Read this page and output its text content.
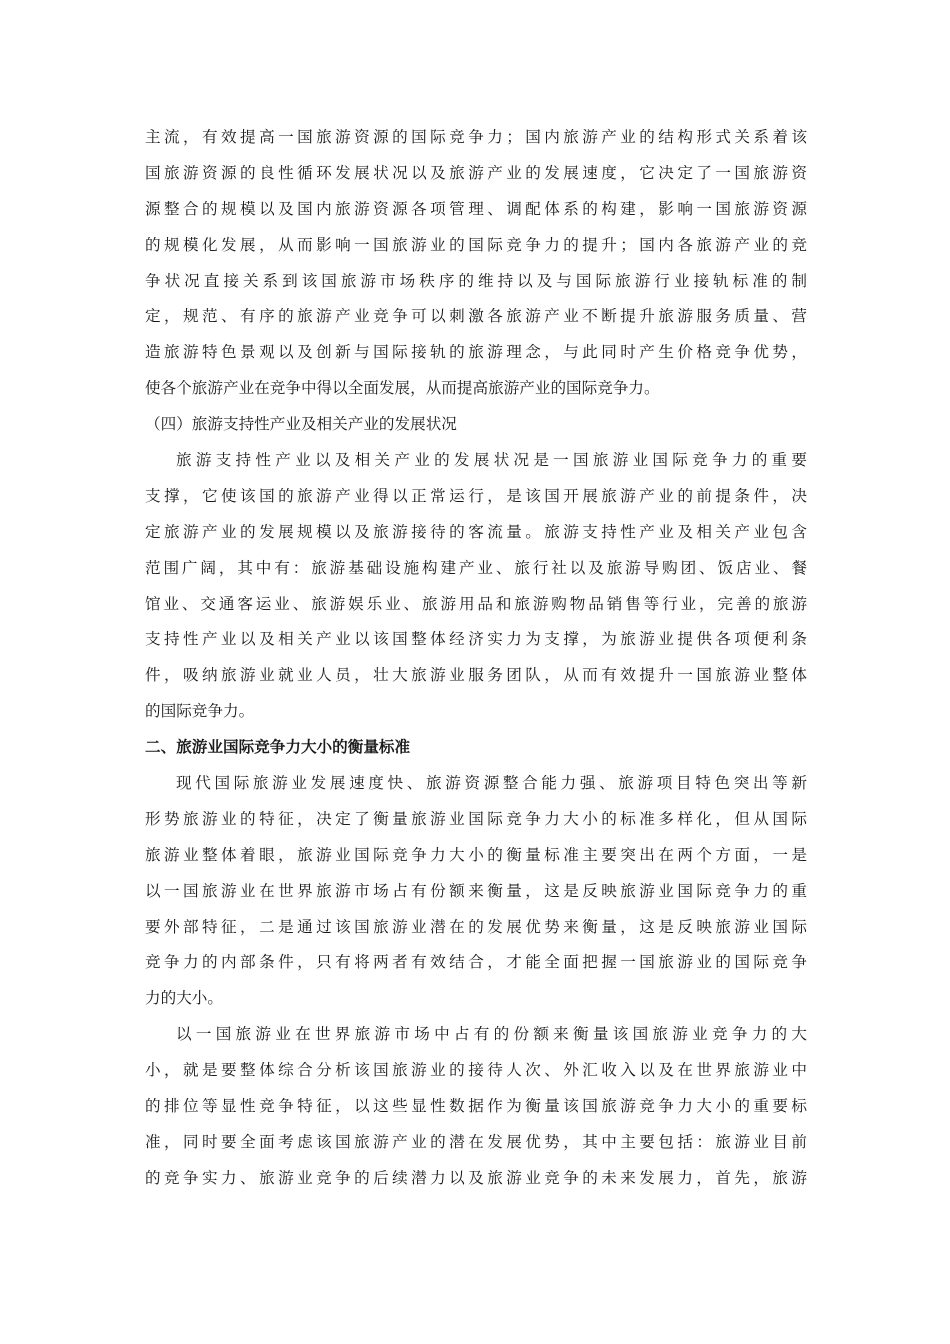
主流，有效提高一国旅游资源的国际竞争力；国内旅游产业的结构形式关系着该
国旅游资源的良性循环发展状况以及旅游产业的发展速度，它决定了一国旅游资
源整合的规模以及国内旅游资源各项管理、调配体系的构建，影响一国旅游资源
的规模化发展，从而影响一国旅游业的国际竞争力的提升；国内各旅游产业的竞
争状况直接关系到该国旅游市场秩序的维持以及与国际旅游行业接轨标准的制
定，规范、有序的旅游产业竞争可以刺激各旅游产业不断提升旅游服务质量、营
造旅游特色景观以及创新与国际接轨的旅游理念，与此同时产生价格竞争优势，
使各个旅游产业在竞争中得以全面发展，从而提高旅游产业的国际竞争力。
（四）旅游支持性产业及相关产业的发展状况
旅游支持性产业以及相关产业的发展状况是一国旅游业国际竞争力的重要
支撑，它使该国的旅游产业得以正常运行，是该国开展旅游产业的前提条件，决
定旅游产业的发展规模以及旅游接待的客流量。旅游支持性产业及相关产业包含
范围广阔，其中有：旅游基础设施构建产业、旅行社以及旅游导购团、饭店业、餐
馆业、交通客运业、旅游娱乐业、旅游用品和旅游购物品销售等行业，完善的旅游
支持性产业以及相关产业以该国整体经济实力为支撑，为旅游业提供各项便利条
件，吸纳旅游业就业人员，壮大旅游业服务团队，从而有效提升一国旅游业整体
的国际竞争力。
二、旅游业国际竞争力大小的衡量标准
现代国际旅游业发展速度快、旅游资源整合能力强、旅游项目特色突出等新
形势旅游业的特征，决定了衡量旅游业国际竞争力大小的标准多样化，但从国际
旅游业整体着眼，旅游业国际竞争力大小的衡量标准主要突出在两个方面，一是
以一国旅游业在世界旅游市场占有份额来衡量，这是反映旅游业国际竞争力的重
要外部特征，二是通过该国旅游业潜在的发展优势来衡量，这是反映旅游业国际
竞争力的内部条件，只有将两者有效结合，才能全面把握一国旅游业的国际竞争
力的大小。
以一国旅游业在世界旅游市场中占有的份额来衡量该国旅游业竞争力的大
小，就是要整体综合分析该国旅游业的接待人次、外汇收入以及在世界旅游业中
的排位等显性竞争特征，以这些显性数据作为衡量该国旅游竞争力大小的重要标
准，同时要全面考虑该国旅游产业的潜在发展优势，其中主要包括：旅游业目前
的竞争实力、旅游业竞争的后续潜力以及旅游业竞争的未来发展力，首先，旅游
